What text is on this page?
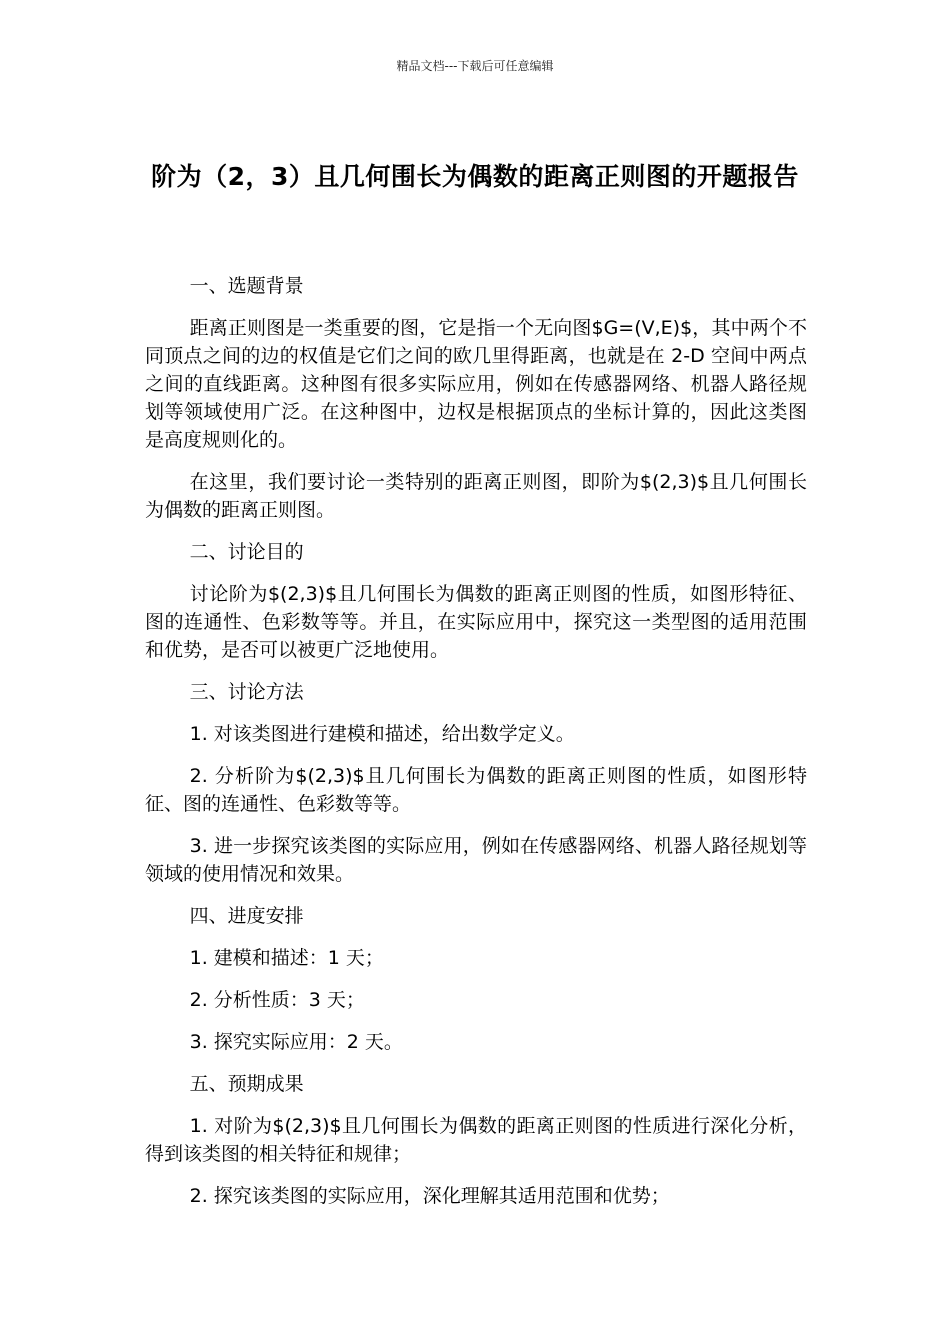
精品文档---下载后可任意编辑
阶为（2，3）且几何围长为偶数的距离正则图的开题报告

一、选题背景

距离正则图是一类重要的图，它是指一个无向图$G=(V,E)$，其中两个不同顶点之间的边的权值是它们之间的欧几里得距离，也就是在 2-D 空间中两点之间的直线距离。这种图有很多实际应用，例如在传感器网络、机器人路径规划等领域使用广泛。在这种图中，边权是根据顶点的坐标计算的，因此这类图是高度规则化的。

在这里，我们要讨论一类特别的距离正则图，即阶为$(2,3)$且几何围长为偶数的距离正则图。

二、讨论目的

讨论阶为$(2,3)$且几何围长为偶数的距离正则图的性质，如图形特征、图的连通性、色彩数等等。并且，在实际应用中，探究这一类型图的适用范围和优势，是否可以被更广泛地使用。

三、讨论方法

1. 对该类图进行建模和描述，给出数学定义。

2. 分析阶为$(2,3)$且几何围长为偶数的距离正则图的性质，如图形特征、图的连通性、色彩数等等。

3. 进一步探究该类图的实际应用，例如在传感器网络、机器人路径规划等领域的使用情况和效果。

四、进度安排

1. 建模和描述：1 天；

2. 分析性质：3 天；

3. 探究实际应用：2 天。

五、预期成果

1. 对阶为$(2,3)$且几何围长为偶数的距离正则图的性质进行深化分析，得到该类图的相关特征和规律；

2. 探究该类图的实际应用，深化理解其适用范围和优势；
